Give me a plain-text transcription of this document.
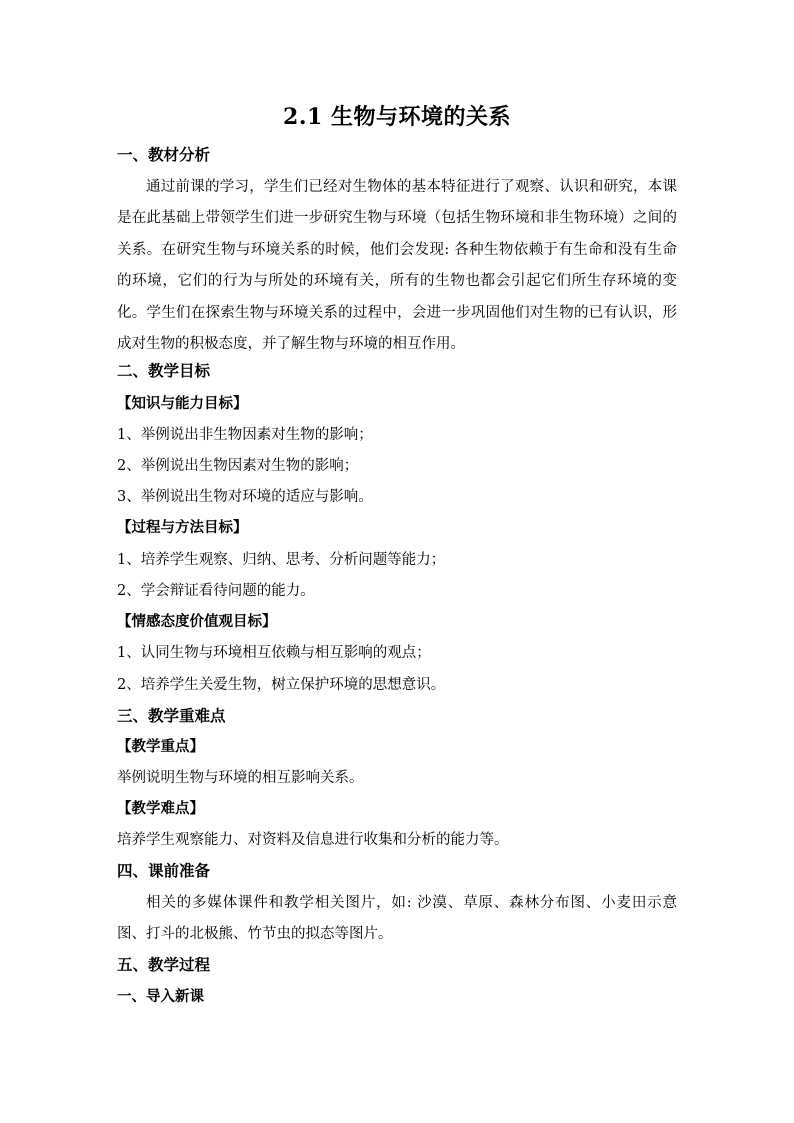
2.1 生物与环境的关系
一、教材分析
通过前课的学习，学生们已经对生物体的基本特征进行了观察、认识和研究，本课是在此基础上带领学生们进一步研究生物与环境（包括生物环境和非生物环境）之间的关系。在研究生物与环境关系的时候，他们会发现: 各种生物依赖于有生命和没有生命的环境，它们的行为与所处的环境有关，所有的生物也都会引起它们所生存环境的变化。学生们在探索生物与环境关系的过程中，会进一步巩固他们对生物的已有认识，形成对生物的积极态度，并了解生物与环境的相互作用。
二、教学目标
【知识与能力目标】
1、举例说出非生物因素对生物的影响；
2、举例说出生物因素对生物的影响；
3、举例说出生物对环境的适应与影响。
【过程与方法目标】
1、培养学生观察、归纳、思考、分析问题等能力；
2、学会辩证看待问题的能力。
【情感态度价值观目标】
1、认同生物与环境相互依赖与相互影响的观点；
2、培养学生关爱生物，树立保护环境的思想意识。
三、教学重难点
【教学重点】
举例说明生物与环境的相互影响关系。
【教学难点】
培养学生观察能力、对资料及信息进行收集和分析的能力等。
四、课前准备
相关的多媒体课件和教学相关图片，如: 沙漠、草原、森林分布图、小麦田示意图、打斗的北极熊、竹节虫的拟态等图片。
五、教学过程
一、导入新课
